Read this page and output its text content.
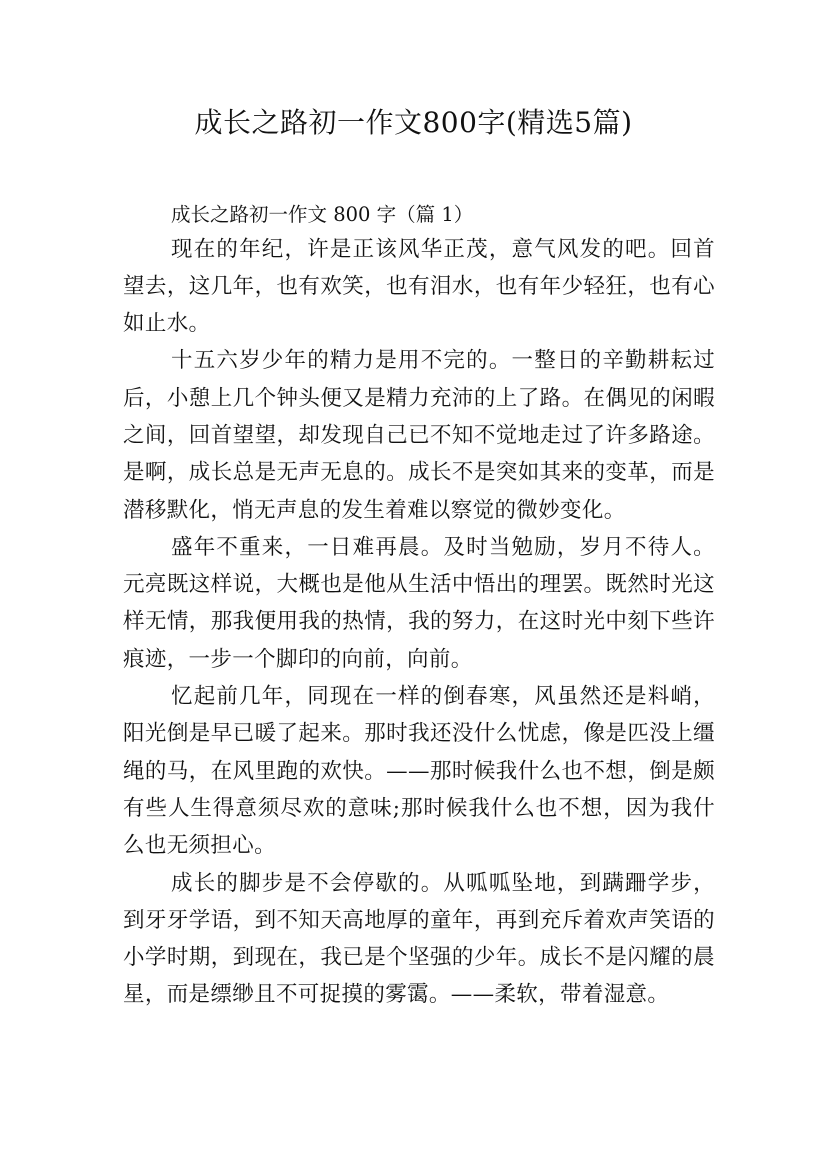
成长之路初一作文800字(精选5篇)
成长之路初一作文 800 字（篇 1）

现在的年纪，许是正该风华正茂，意气风发的吧。回首望去，这几年，也有欢笑，也有泪水，也有年少轻狂，也有心如止水。

十五六岁少年的精力是用不完的。一整日的辛勤耕耘过后，小憩上几个钟头便又是精力充沛的上了路。在偶见的闲暇之间，回首望望，却发现自己已不知不觉地走过了许多路途。是啊，成长总是无声无息的。成长不是突如其来的变革，而是潜移默化，悄无声息的发生着难以察觉的微妙变化。

盛年不重来，一日难再晨。及时当勉励，岁月不待人。元亮既这样说，大概也是他从生活中悟出的理罢。既然时光这样无情，那我便用我的热情，我的努力，在这时光中刻下些许痕迹，一步一个脚印的向前，向前。

忆起前几年，同现在一样的倒春寒，风虽然还是料峭，阳光倒是早已暖了起来。那时我还没什么忧虑，像是匹没上缰绳的马，在风里跑的欢快。——那时候我什么也不想，倒是颇有些人生得意须尽欢的意味;那时候我什么也不想，因为我什么也无须担心。

成长的脚步是不会停歇的。从呱呱坠地，到蹒跚学步，到牙牙学语，到不知天高地厚的童年，再到充斥着欢声笑语的小学时期，到现在，我已是个坚强的少年。成长不是闪耀的晨星，而是缥缈且不可捉摸的雾霭。——柔软，带着湿意。
